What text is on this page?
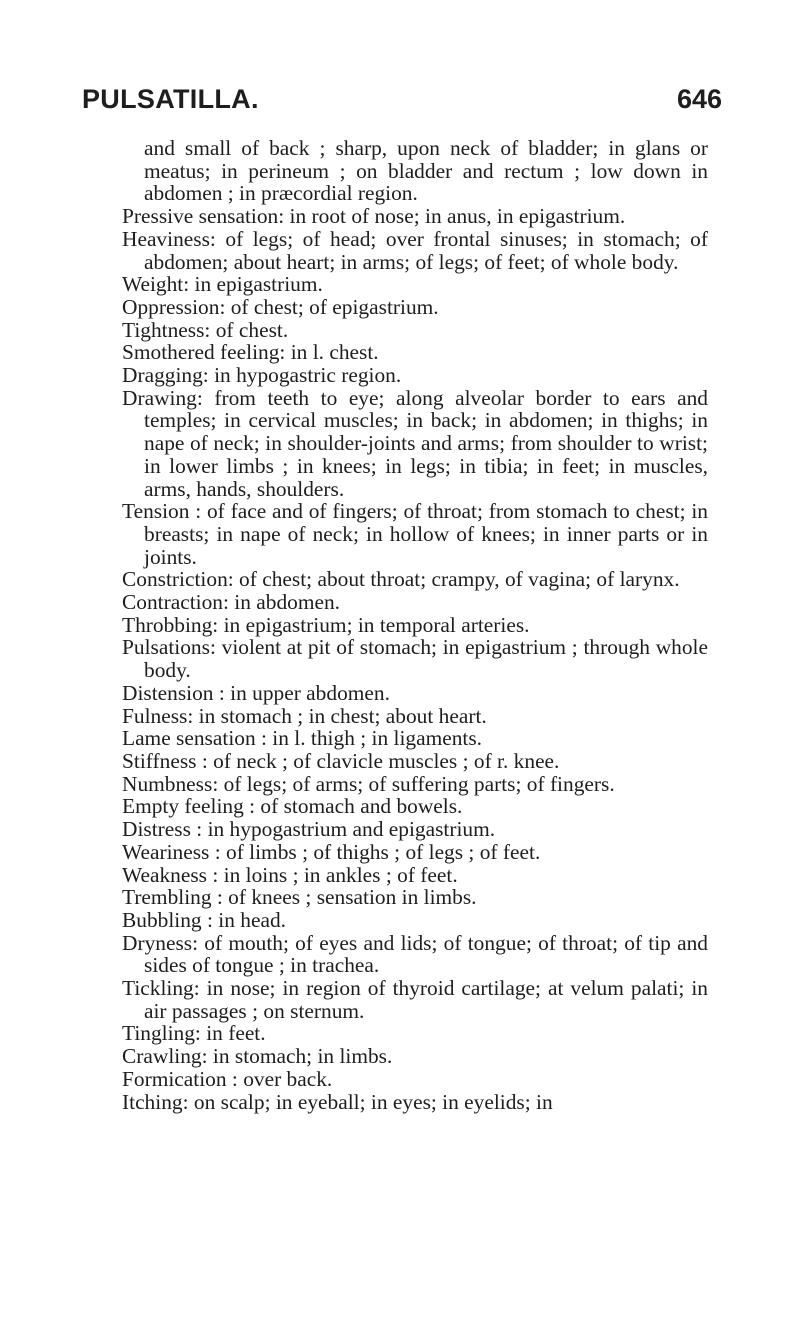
PULSATILLA.	646

and small of back ; sharp, upon neck of bladder; in glans or meatus; in perineum ; on bladder and rectum ; low down in abdomen ; in præcordial region.

Pressive sensation: in root of nose; in anus, in epigastrium.

Heaviness: of legs; of head; over frontal sinuses; in stomach; of abdomen; about heart; in arms; of legs; of feet; of whole body.

Weight: in epigastrium.

Oppression: of chest; of epigastrium.

Tightness: of chest.

Smothered feeling: in l. chest.

Dragging: in hypogastric region.

Drawing: from teeth to eye; along alveolar border to ears and temples; in cervical muscles; in back; in abdomen; in thighs; in nape of neck; in shoulder-joints and arms; from shoulder to wrist; in lower limbs ; in knees; in legs; in tibia; in feet; in muscles, arms, hands, shoulders.

Tension : of face and of fingers; of throat; from stomach to chest; in breasts; in nape of neck; in hollow of knees; in inner parts or in joints.

Constriction: of chest; about throat; crampy, of vagina; of larynx.

Contraction: in abdomen.

Throbbing: in epigastrium; in temporal arteries.

Pulsations: violent at pit of stomach; in epigastrium ; through whole body.

Distension : in upper abdomen.

Fulness: in stomach ; in chest; about heart.

Lame sensation : in l. thigh ; in ligaments.

Stiffness : of neck ; of clavicle muscles ; of r. knee.

Numbness: of legs; of arms; of suffering parts; of fingers.

Empty feeling : of stomach and bowels.

Distress : in hypogastrium and epigastrium.

Weariness : of limbs ; of thighs ; of legs ; of feet.

Weakness : in loins ; in ankles ; of feet.

Trembling : of knees ; sensation in limbs.

Bubbling : in head.

Dryness: of mouth; of eyes and lids; of tongue; of throat; of tip and sides of tongue ; in trachea.

Tickling: in nose; in region of thyroid cartilage; at velum palati; in air passages ; on sternum.

Tingling: in feet.

Crawling: in stomach; in limbs.

Formication : over back.

Itching: on scalp; in eyeball; in eyes; in eyelids; in
